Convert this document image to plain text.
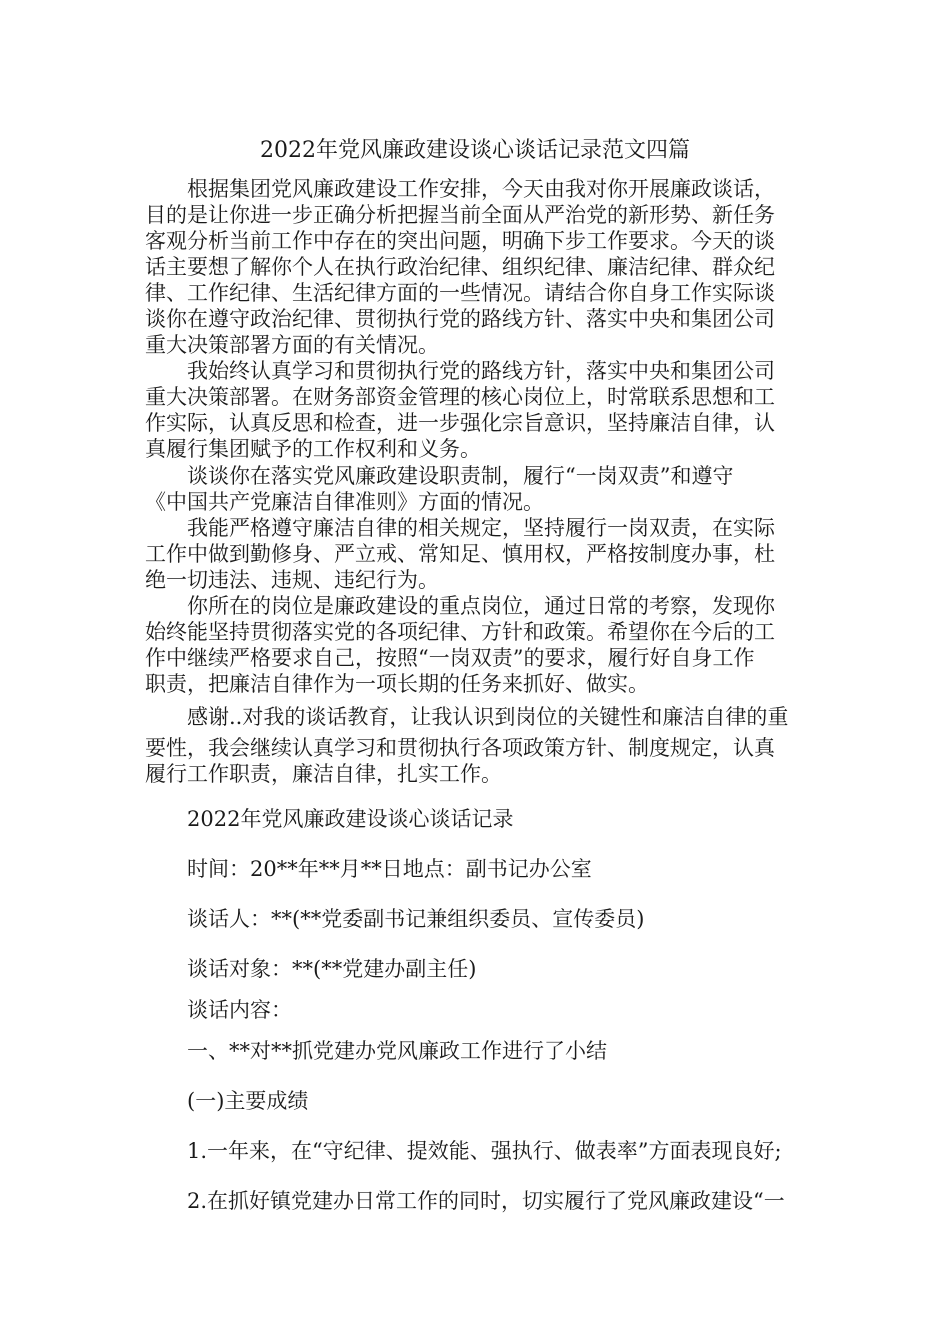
2022年党风廉政建设谈心谈话记录范文四篇
根据集团党风廉政建设工作安排，今天由我对你开展廉政谈话，
目的是让你进一步正确分析把握当前全面从严治党的新形势、新任务
客观分析当前工作中存在的突出问题，明确下步工作要求。今天的谈
话主要想了解你个人在执行政治纪律、组织纪律、廉洁纪律、群众纪
律、工作纪律、生活纪律方面的一些情况。请结合你自身工作实际谈
谈你在遵守政治纪律、贯彻执行党的路线方针、落实中央和集团公司
重大决策部署方面的有关情况。
我始终认真学习和贯彻执行党的路线方针，落实中央和集团公司
重大决策部署。在财务部资金管理的核心岗位上，时常联系思想和工
作实际，认真反思和检查，进一步强化宗旨意识，坚持廉洁自律，认
真履行集团赋予的工作权利和义务。
谈谈你在落实党风廉政建设职责制，履行“一岗双责”和遵守
《中国共产党廉洁自律准则》方面的情况。
我能严格遵守廉洁自律的相关规定，坚持履行一岗双责，在实际
工作中做到勤修身、严立戒、常知足、慎用权，严格按制度办事，杜
绝一切违法、违规、违纪行为。
你所在的岗位是廉政建设的重点岗位，通过日常的考察，发现你
始终能坚持贯彻落实党的各项纪律、方针和政策。希望你在今后的工
作中继续严格要求自己，按照“一岗双责”的要求，履行好自身工作
职责，把廉洁自律作为一项长期的任务来抓好、做实。
感谢..对我的谈话教育，让我认识到岗位的关键性和廉洁自律的重
要性，我会继续认真学习和贯彻执行各项政策方针、制度规定，认真
履行工作职责，廉洁自律，扎实工作。
2022年党风廉政建设谈心谈话记录
时间：20**年**月**日地点：副书记办公室
谈话人：**(**党委副书记兼组织委员、宣传委员)
谈话对象：**(**党建办副主任)
谈话内容：
一、**对**抓党建办党风廉政工作进行了小结
(一)主要成绩
1.一年来，在“守纪律、提效能、强执行、做表率”方面表现良好;
2.在抓好镇党建办日常工作的同时，切实履行了党风廉政建设“一
